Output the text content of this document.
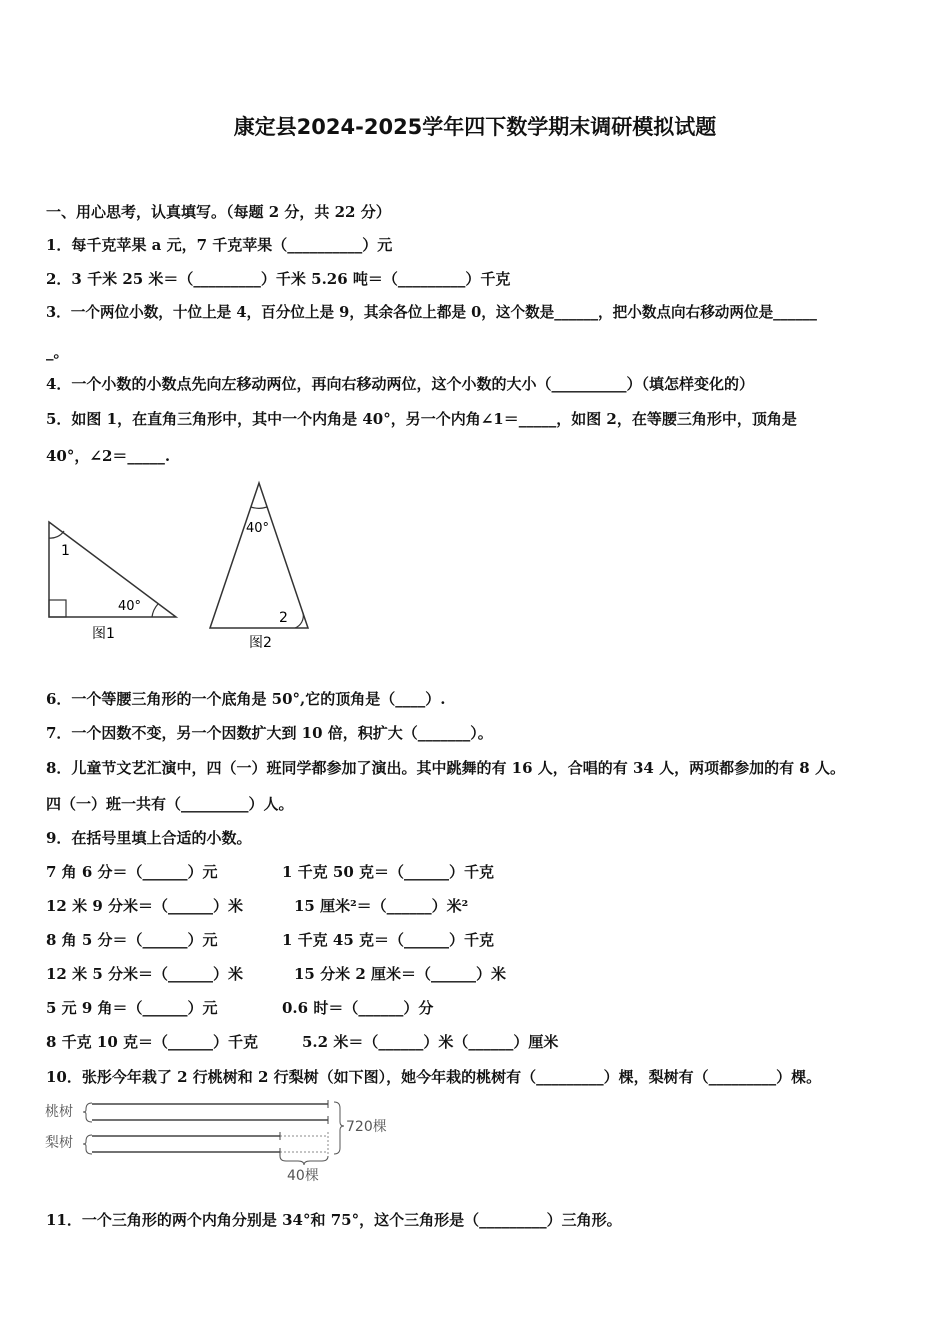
康定县2024-2025学年四下数学期末调研模拟试题
一、用心思考，认真填写。（每题 2 分，共 22 分）
1．每千克苹果 a 元，7 千克苹果（__________）元
2．3 千米 25 米＝（_________）千米 5.26 吨＝（_________）千克
3．一个两位小数，十位上是 4，百分位上是 9，其余各位上都是 0，这个数是______，把小数点向右移动两位是______
_。
4．一个小数的小数点先向左移动两位，再向右移动两位，这个小数的大小（__________）（填怎样变化的）
5．如图 1，在直角三角形中，其中一个内角是 40°，另一个内角∠1＝_____，如图 2，在等腰三角形中，顶角是
40°，∠2＝_____.
1
40°
图1
40°
2
图2
6．一个等腰三角形的一个底角是 50°,它的顶角是（____）.
7．一个因数不变，另一个因数扩大到 10 倍，积扩大（_______）。
8．儿童节文艺汇演中，四（一）班同学都参加了演出。其中跳舞的有 16 人，合唱的有 34 人，两项都参加的有 8 人。
四（一）班一共有（_________）人。
9．在括号里填上合适的小数。
7 角 6 分＝（______）元	1 千克 50 克＝（______）千克
12 米 9 分米＝（______）米	15 厘米²＝（______）米²
8 角 5 分＝（______）元	1 千克 45 克＝（______）千克
12 米 5 分米＝（______）米	15 分米 2 厘米＝（______）米
5 元 9 角＝（______）元	0.6 时＝（______）分
8 千克 10 克＝（______）千克	5.2 米＝（______）米（______）厘米
10．张彤今年栽了 2 行桃树和 2 行梨树（如下图），她今年栽的桃树有（_________）棵，梨树有（_________）棵。
桃树
梨树
720棵
40棵
11．一个三角形的两个内角分别是 34°和 75°，这个三角形是（_________）三角形。
